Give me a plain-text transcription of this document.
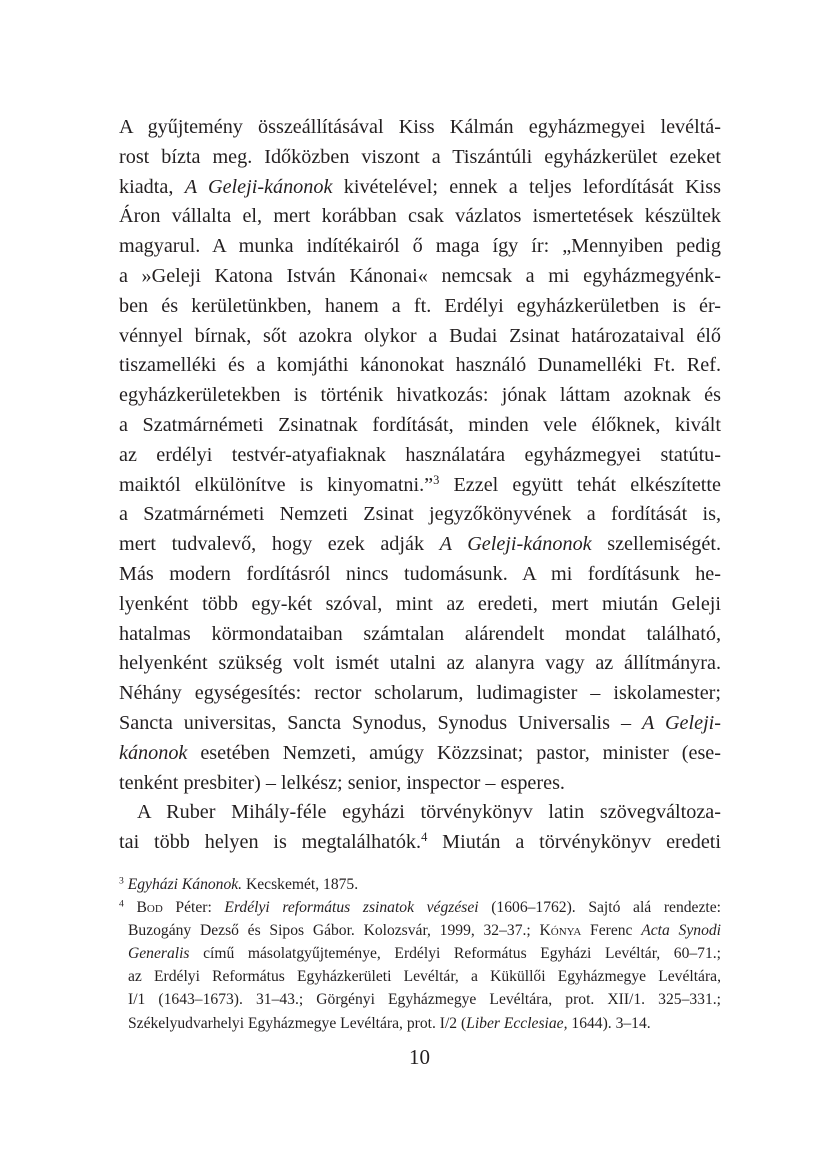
A gyűjtemény összeállításával Kiss Kálmán egyházmegyei levéltá-
rost bízta meg. Időközben viszont a Tiszántúli egyházkerület ezeket
kiadta, A Geleji-kánonok kivételével; ennek a teljes lefordítását Kiss
Áron vállalta el, mert korábban csak vázlatos ismertetések készültek
magyarul. A munka indítékairól ő maga így ír: „Mennyiben pedig
a »Geleji Katona István Kánonai« nemcsak a mi egyházmegyénk-
ben és kerületünkben, hanem a ft. Erdélyi egyházkerületben is ér-
vénnyel bírnak, sőt azokra olykor a Budai Zsinat határozataival élő
tiszamelléki és a komjáthi kánonokat használó Dunamelléki Ft. Ref.
egyházkerületekben is történik hivatkozás: jónak láttam azoknak és
a Szatmárnémeti Zsinatnak fordítását, minden vele élőknek, kivált
az erdélyi testvér-atyafiaknak használatára egyházmegyei statútu-
maiktól elkülönítve is kinyomatni.”$^3$ Ezzel együtt tehát elkészítette
a Szatmárnémeti Nemzeti Zsinat jegyzőkönyvének a fordítását is,
mert tudvalevő, hogy ezek adják A Geleji-kánonok szellemiségét.
Más modern fordításról nincs tudomásunk. A mi fordításunk he-
lyenként több egy-két szóval, mint az eredeti, mert miután Geleji
hatalmas körmondataiban számtalan alárendelt mondat található,
helyenként szükség volt ismét utalni az alanyra vagy az állítmányra.
Néhány egységesítés: rector scholarum, ludimagister – iskolamester;
Sancta universitas, Sancta Synodus, Synodus Universalis – A Geleji-
kánonok esetében Nemzeti, amúgy Közzsinat; pastor, minister (ese-
tenként presbiter) – lelkész; senior, inspector – esperes.
A Ruber Mihály-féle egyházi törvénykönyv latin szövegváltoza-
tai több helyen is megtalálhatók.$^4$ Miután a törvénykönyv eredeti
$^3$ Egyházi Kánonok. Kecskemét, 1875.
$^4$ Bod Péter: Erdélyi református zsinatok végzései (1606–1762). Sajtó alá rendezte:
Buzogány Dezső és Sipos Gábor. Kolozsvár, 1999, 32–37.; Kónya Ferenc Acta Synodi
Generalis című másolatgyűjteménye, Erdélyi Református Egyházi Levéltár, 60–71.;
az Erdélyi Református Egyházkerületi Levéltár, a Küküllői Egyházmegye Levéltára,
I/1 (1643–1673). 31–43.; Görgényi Egyházmegye Levéltára, prot. XII/1. 325–331.;
Székelyudvarhelyi Egyházmegye Levéltára, prot. I/2 (Liber Ecclesiae, 1644). 3–14.
10
